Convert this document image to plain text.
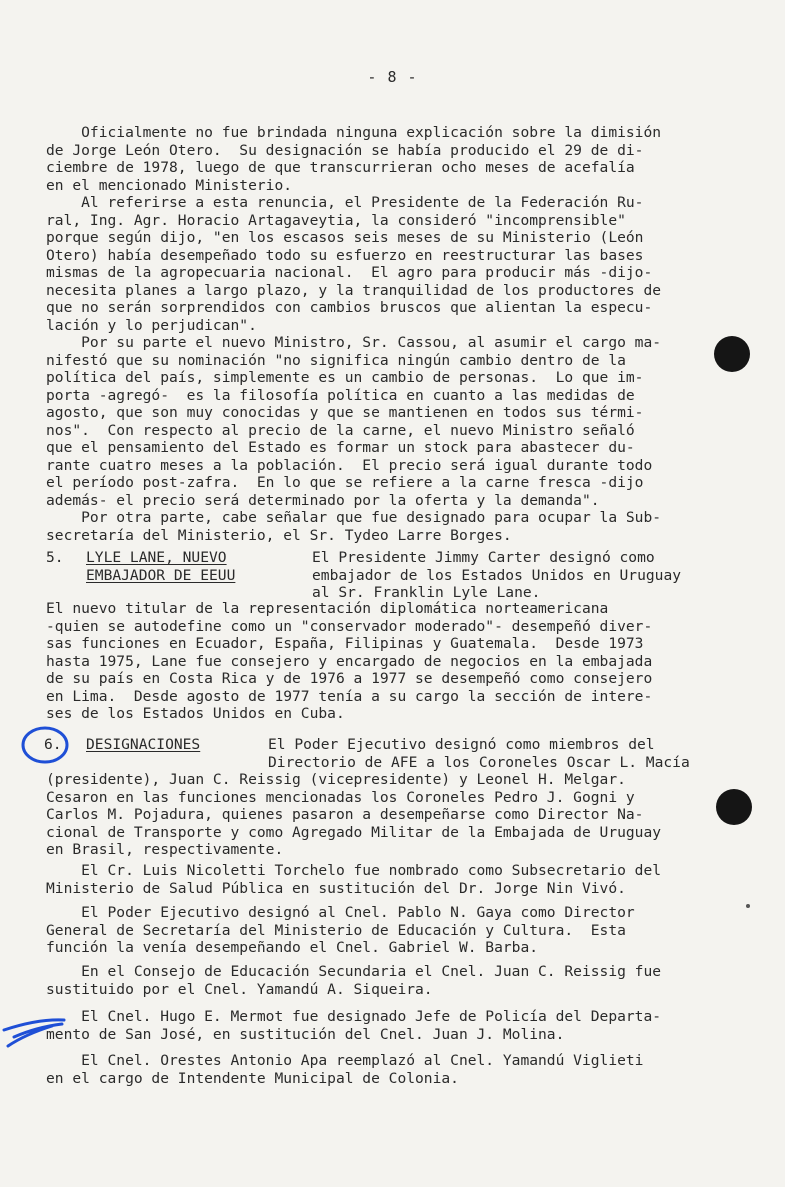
- 8 -
Oficialmente no fue brindada ninguna explicación sobre la dimisión
de Jorge León Otero.  Su designación se había producido el 29 de di-
ciembre de 1978, luego de que transcurrieran ocho meses de acefalía
en el mencionado Ministerio.
Al referirse a esta renuncia, el Presidente de la Federación Ru-
ral, Ing. Agr. Horacio Artagaveytia, la consideró "incomprensible"
porque según dijo, "en los escasos seis meses de su Ministerio (León
Otero) había desempeñado todo su esfuerzo en reestructurar las bases
mismas de la agropecuaria nacional.  El agro para producir más -dijo-
necesita planes a largo plazo, y la tranquilidad de los productores de
que no serán sorprendidos con cambios bruscos que alientan la especu-
lación y lo perjudican".
Por su parte el nuevo Ministro, Sr. Cassou, al asumir el cargo ma-
nifestó que su nominación "no significa ningún cambio dentro de la
política del país, simplemente es un cambio de personas.  Lo que im-
porta -agregó-  es la filosofía política en cuanto a las medidas de
agosto, que son muy conocidas y que se mantienen en todos sus térmi-
nos".  Con respecto al precio de la carne, el nuevo Ministro señaló
que el pensamiento del Estado es formar un stock para abastecer du-
rante cuatro meses a la población.  El precio será igual durante todo
el período post-zafra.  En lo que se refiere a la carne fresca -dijo
además- el precio será determinado por la oferta y la demanda".
Por otra parte, cabe señalar que fue designado para ocupar la Sub-
secretaría del Ministerio, el Sr. Tydeo Larre Borges.
5. LYLE LANE, NUEVO
EMBAJADOR DE EEUU
El Presidente Jimmy Carter designó como
embajador de los Estados Unidos en Uruguay
al Sr. Franklin Lyle Lane.
El nuevo titular de la representación diplomática norteamericana
-quien se autodefine como un "conservador moderado"- desempeñó diver-
sas funciones en Ecuador, España, Filipinas y Guatemala.  Desde 1973
hasta 1975, Lane fue consejero y encargado de negocios en la embajada
de su país en Costa Rica y de 1976 a 1977 se desempeñó como consejero
en Lima.  Desde agosto de 1977 tenía a su cargo la sección de intere-
ses de los Estados Unidos en Cuba.
6. DESIGNACIONES	El Poder Ejecutivo designó como miembros del
Directorio de AFE a los Coroneles Oscar L. Macía
(presidente), Juan C. Reissig (vicepresidente) y Leonel H. Melgar.
Cesaron en las funciones mencionadas los Coroneles Pedro J. Gogni y
Carlos M. Pojadura, quienes pasaron a desempeñarse como Director Na-
cional de Transporte y como Agregado Militar de la Embajada de Uruguay
en Brasil, respectivamente.
El Cr. Luis Nicoletti Torchelo fue nombrado como Subsecretario del
Ministerio de Salud Pública en sustitución del Dr. Jorge Nin Vivó.
El Poder Ejecutivo designó al Cnel. Pablo N. Gaya como Director
General de Secretaría del Ministerio de Educación y Cultura.  Esta
función la venía desempeñando el Cnel. Gabriel W. Barba.
En el Consejo de Educación Secundaria el Cnel. Juan C. Reissig fue
sustituido por el Cnel. Yamandú A. Siqueira.
El Cnel. Hugo E. Mermot fue designado Jefe de Policía del Departa-
mento de San José, en sustitución del Cnel. Juan J. Molina.
El Cnel. Orestes Antonio Apa reemplazó al Cnel. Yamandú Viglieti
en el cargo de Intendente Municipal de Colonia.
